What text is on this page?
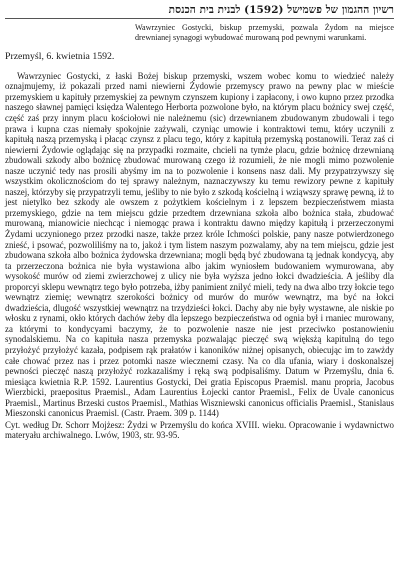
רשיון ההגמון של פשמישל (1592) לבנית בית הכנסת
Wawrzyniec Gostycki, biskup przemyski, pozwala Żydom na miejsce drewnianej synagogi wybudować murowaną pod pewnymi warunkami.
Przemyśl, 6. kwietnia 1592.
Wawrzyniec Gostycki, z łaski Bożej biskup przemyski, wszem wobec komu to wiedzieć należy oznajmujemy, iż pokazali przed nami niewierni Żydowie przemyscy prawo na pewny plac w mieście przemyskiem u kapituły przemyskiej za pewnym czynszem kupiony i zapłacony, i owo kupno przez przodka naszego sławnej pamięci księdza Walentego Herborta pozwolone było, na którym placu bożnicy swej część, część zaś przy innym placu kościołowi nie należnemu (sic) drzewnianem zbudowanym zbudowali i tego prawa i kupna czas niemały spokojnie zażywali, czyniąc umowie i kontraktowi temu, który uczynili z kapitułą naszą przemyską i płacąc czynsz z placu tego, który z kapitułą przemyską postanowili. Teraz zaś ci niewierni Żydowie oglądając się na przypadki rozmaite, chcieli na tymże placu, gdzie bożnicę drzewnianą zbudowali szkody albo bożnicę zbudować murowaną czego iż rozumieli, że nie mogli mimo pozwolenie nasze uczynić tedy nas prosili abyśmy im na to pozwolenie i konsens nasz dali. My przypatrzywszy się wszystkim okolicznościom do tej sprawy należnym, naznaczywszy ku temu rewizory pewne z kapituły naszej, którzyby się przypatrzyli temu, jeśliby to nie było z szkodą kościelną i wziąwszy sprawę pewną, iż to jest nietylko bez szkody ale owszem z pożytkiem kościelnym i z lepszem bezpieczeństwem miasta przemyskiego, gdzie na tem miejscu gdzie przedtem drzewniana szkoła albo bożnica stała, zbudować murowaną, mianowicie niechcąc i niemogąc prawa i kontraktu dawno między kapitułą i przerzeczonymi Żydami uczynionego przez przodki nasze, także przez króle Ichmości polskie, pany nasze potwierdzonego znieść, i psować, pozwoliliśmy na to, jakoż i tym listem naszym pozwalamy, aby na tem miejscu, gdzie jest zbudowana szkoła albo bożnica żydowska drzewniana; mogli będą być zbudowana tą jednak kondycyą, aby ta przerzeczona bożnica nie była wystawiona albo jakim wyniosłem budowaniem wymurowana, aby wysokość murów od ziemi zwierzchowej z ulicy nie była wyższa jedno łokci dwadzieścia. A jeśliby dla proporcyi sklepu wewnątrz tego było potrzeba, iżby panimient znilyć mieli, tedy na dwa albo trzy łokcie tego wewnątrz ziemię; wewnątrz szerokości bożnicy od murów do murów wewnątrz, ma być na łokci dwadzieścia, dlugość wszystkiej wewnątrz na trzydzieści łokci. Dachy aby nie były wystawne, ale niskie po włosku z rynami, okło których dachów żeby dla lepszego bezpieczeństwa od ognia był i rnaniec murowany, za którymi to kondycyami baczymy, że to pozwolenie nasze nie jest przeciwko postanowieniu synodalskiemu. Na co kapituła nasza przemyska pozwalając pieczęć swą więksżą kapitulną do tego przyłożyć przyłożyć kazała, podpisem rąk prałatów i kanoników niżnej opisanych, obiecując im to zawżdy całe chować przez nas i przez potomki nasze wiecznemi czasy. Na co dla ufania, wiary i doskonalszej pewności pieczęć naszą przyłożyć rozkazaliśmy i ręką swą podpisaliśmy. Datum w Przemyślu, dnia 6. miesiąca kwietnia R.P. 1592. Laurentius Gostycki, Dei gratia Episcopus Praemisl. manu propria, Jacobus Wierzbicki, praepositus Praemisl., Adam Laurentius Łojecki cantor Praemisl., Felix de Uvale canonicus Praemisl., Martinus Brzeski custos Praemisl., Mathias Wiszniewski canonicus officialis Praemisl., Stanislaus Mieszonski canonicus Praemisl. (Castr. Praem. 309 p. 1144)
Cyt. według Dr. Schorr Mojżesz: Żydzi w Przemyślu do końca XVIII. wieku. Opracowanie i wydawnictwo materyału archiwalnego. Lwów, 1903, str. 93-95.
